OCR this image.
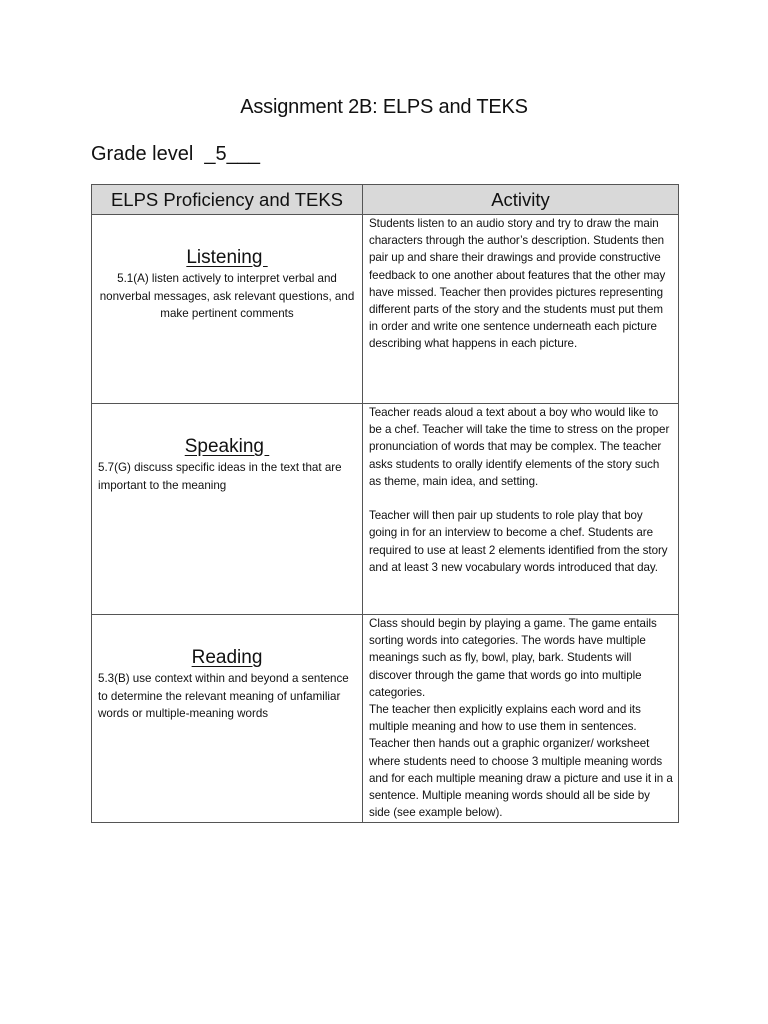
Assignment 2B: ELPS and TEKS
Grade level  _5___
ELPS Proficiency and TEKS	Activity

Listening
5.1(A) listen actively to interpret verbal and nonverbal messages, ask relevant questions, and make pertinent comments	Students listen to an audio story and try to draw the main characters through the author’s description. Students then pair up and share their drawings and provide constructive feedback to one another about features that the other may have missed. Teacher then provides pictures representing different parts of the story and the students must put them in order and write one sentence underneath each picture describing what happens in each picture.

Speaking
5.7(G) discuss specific ideas in the text that are important to the meaning	Teacher reads aloud a text about a boy who would like to be a chef. Teacher will take the time to stress on the proper pronunciation of words that may be complex. The teacher asks students to orally identify elements of the story such as theme, main idea, and setting.

Teacher will then pair up students to role play that boy going in for an interview to become a chef. Students are required to use at least 2 elements identified from the story and at least 3 new vocabulary words introduced that day.

Reading
5.3(B) use context within and beyond a sentence to determine the relevant meaning of unfamiliar words or multiple-meaning words	Class should begin by playing a game. The game entails sorting words into categories. The words have multiple meanings such as fly, bowl, play, bark. Students will discover through the game that words go into multiple categories.
The teacher then explicitly explains each word and its multiple meaning and how to use them in sentences. Teacher then hands out a graphic organizer/ worksheet where students need to choose 3 multiple meaning words and for each multiple meaning draw a picture and use it in a sentence. Multiple meaning words should all be side by side (see example below).
